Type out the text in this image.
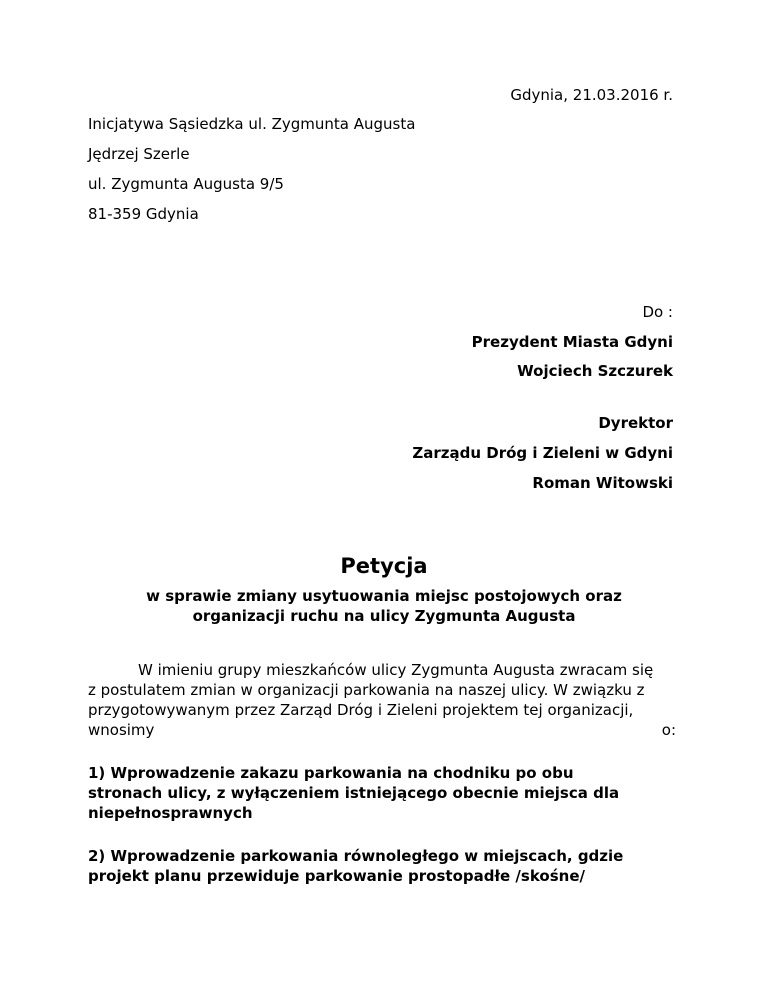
Gdynia, 21.03.2016 r.
Inicjatywa Sąsiedzka ul. Zygmunta Augusta
Jędrzej Szerle
ul. Zygmunta Augusta 9/5
81-359 Gdynia
Do :
Prezydent Miasta Gdyni
Wojciech Szczurek
Dyrektor
Zarządu Dróg i Zieleni w Gdyni
Roman Witowski
Petycja
w sprawie zmiany usytuowania miejsc postojowych oraz
organizacji ruchu na ulicy Zygmunta Augusta
W imieniu grupy mieszkańców ulicy Zygmunta Augusta zwracam się
z postulatem zmian w organizacji parkowania na naszej ulicy. W związku z
przygotowywanym przez Zarząd Dróg i Zieleni projektem tej organizacji,
wnosimy	o:
1) Wprowadzenie zakazu parkowania na chodniku po obu
stronach ulicy, z wyłączeniem istniejącego obecnie miejsca dla
niepełnosprawnych
2) Wprowadzenie parkowania równoległego w miejscach, gdzie
projekt planu przewiduje parkowanie prostopadłe /skośne/
